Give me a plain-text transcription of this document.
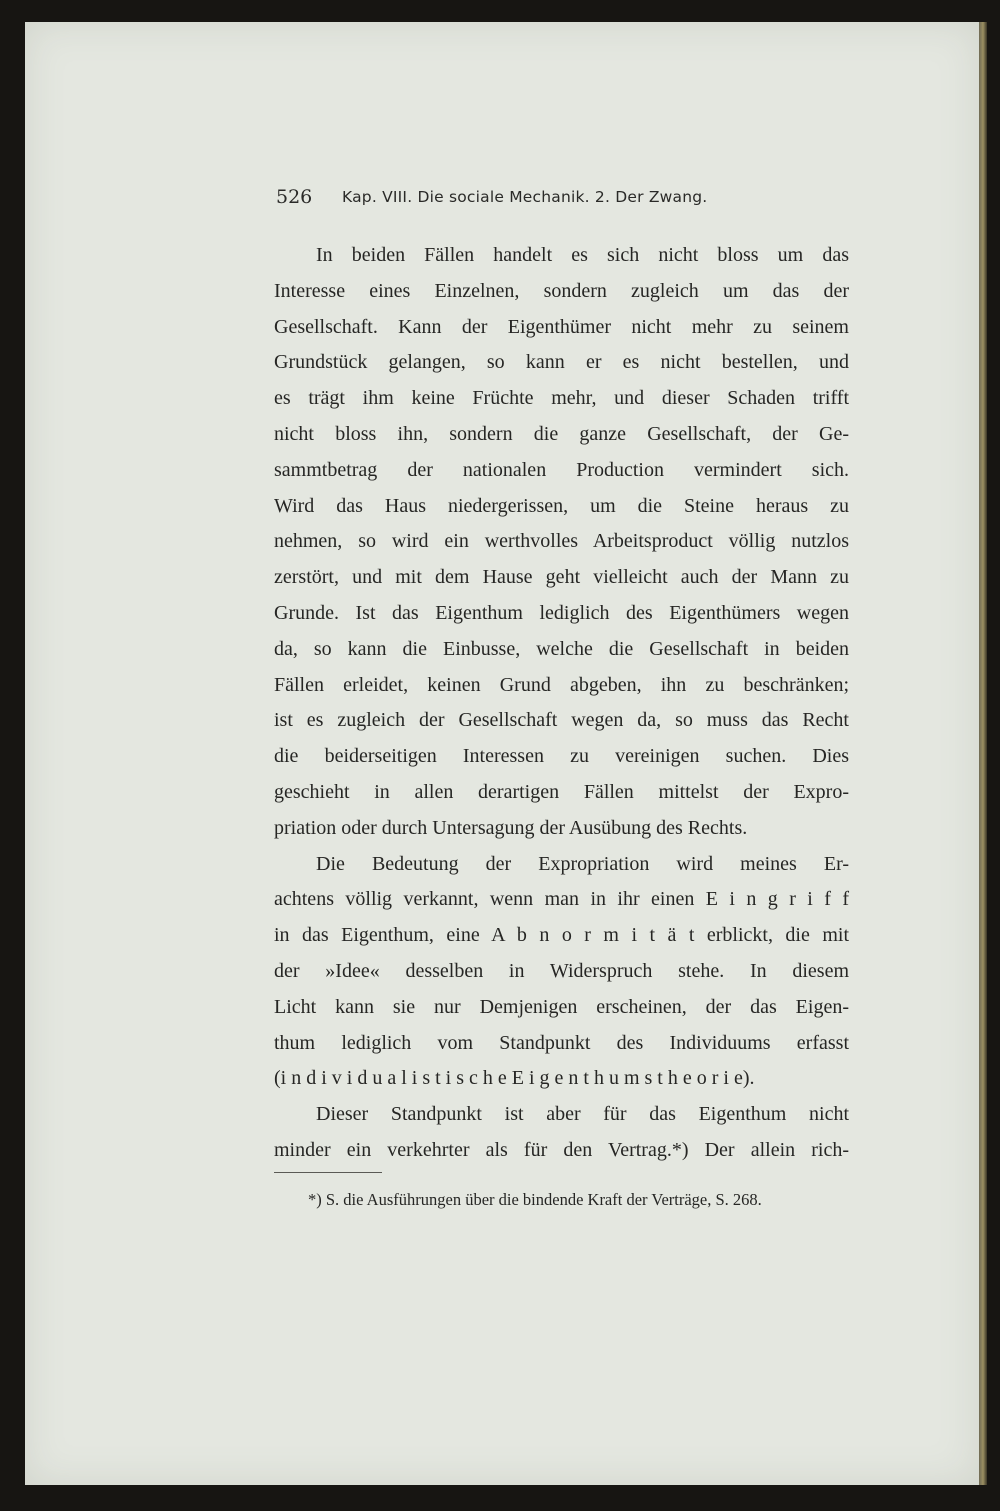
526 Kap. VIII. Die sociale Mechanik. 2. Der Zwang.
In beiden Fällen handelt es sich nicht bloss um das
Interesse eines Einzelnen, sondern zugleich um das der
Gesellschaft. Kann der Eigenthümer nicht mehr zu seinem
Grundstück gelangen, so kann er es nicht bestellen, und
es trägt ihm keine Früchte mehr, und dieser Schaden trifft
nicht bloss ihn, sondern die ganze Gesellschaft, der Ge-
sammtbetrag der nationalen Production vermindert sich.
Wird das Haus niedergerissen, um die Steine heraus zu
nehmen, so wird ein werthvolles Arbeitsproduct völlig nutzlos
zerstört, und mit dem Hause geht vielleicht auch der Mann zu
Grunde. Ist das Eigenthum lediglich des Eigenthümers wegen
da, so kann die Einbusse, welche die Gesellschaft in beiden
Fällen erleidet, keinen Grund abgeben, ihn zu beschränken;
ist es zugleich der Gesellschaft wegen da, so muss das Recht
die beiderseitigen Interessen zu vereinigen suchen. Dies
geschieht in allen derartigen Fällen mittelst der Expro-
priation oder durch Untersagung der Ausübung des Rechts.
Die Bedeutung der Expropriation wird meines Er-
achtens völlig verkannt, wenn man in ihr einen E i n g r i f f
in das Eigenthum, eine A b n o r m i t ä t erblickt, die mit
der »Idee« desselben in Widerspruch stehe. In diesem
Licht kann sie nur Demjenigen erscheinen, der das Eigen-
thum lediglich vom Standpunkt des Individuums erfasst
(i n d i v i d u a l i s t i s c h e E i g e n t h u m s t h e o r i e).
Dieser Standpunkt ist aber für das Eigenthum nicht
minder ein verkehrter als für den Vertrag.*) Der allein rich-
*) S. die Ausführungen über die bindende Kraft der Verträge, S. 268.
